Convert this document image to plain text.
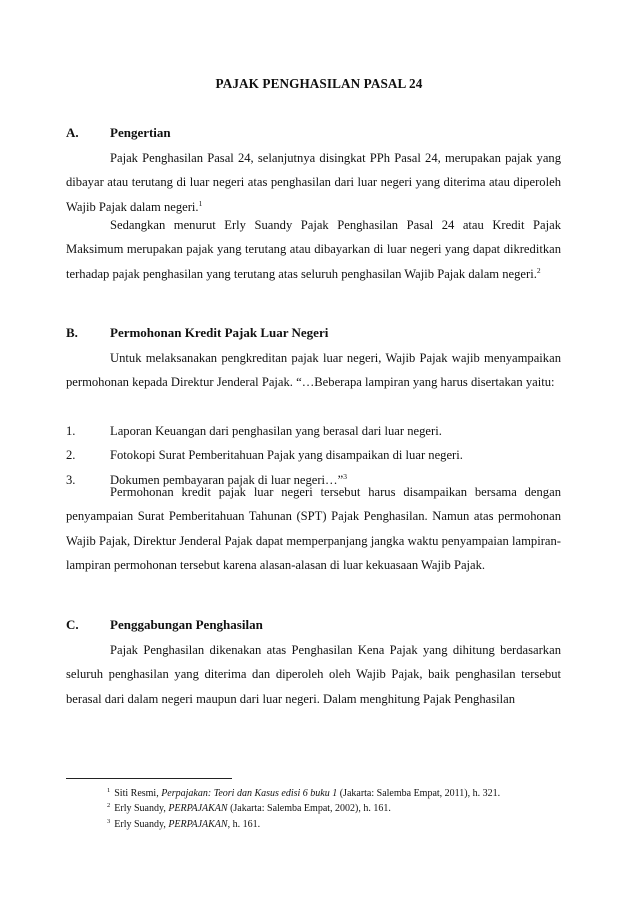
PAJAK PENGHASILAN PASAL 24
A. Pengertian

Pajak Penghasilan Pasal 24, selanjutnya disingkat PPh Pasal 24, merupakan pajak yang dibayar atau terutang di luar negeri atas penghasilan dari luar negeri yang diterima atau diperoleh Wajib Pajak dalam negeri.$^1$

Sedangkan menurut Erly Suandy Pajak Penghasilan Pasal 24 atau Kredit Pajak Maksimum merupakan pajak yang terutang atau dibayarkan di luar negeri yang dapat dikreditkan terhadap pajak penghasilan yang terutang atas seluruh penghasilan Wajib Pajak dalam negeri.$^2$

B. Permohonan Kredit Pajak Luar Negeri

Untuk melaksanakan pengkreditan pajak luar negeri, Wajib Pajak wajib menyampaikan permohonan kepada Direktur Jenderal Pajak. “…Beberapa lampiran yang harus disertakan yaitu:

1.	Laporan Keuangan dari penghasilan yang berasal dari luar negeri.
2.	Fotokopi Surat Pemberitahuan Pajak yang disampaikan di luar negeri.
3.	Dokumen pembayaran pajak di luar negeri…”$^3$

Permohonan kredit pajak luar negeri tersebut harus disampaikan bersama dengan penyampaian Surat Pemberitahuan Tahunan (SPT) Pajak Penghasilan. Namun atas permohonan Wajib Pajak, Direktur Jenderal Pajak dapat memperpanjang jangka waktu penyampaian lampiran-lampiran permohonan tersebut karena alasan-alasan di luar kekuasaan Wajib Pajak.

C. Penggabungan Penghasilan

Pajak Penghasilan dikenakan atas Penghasilan Kena Pajak yang dihitung berdasarkan seluruh penghasilan yang diterima dan diperoleh oleh Wajib Pajak, baik penghasilan tersebut berasal dari dalam negeri maupun dari luar negeri. Dalam menghitung Pajak Penghasilan

$^1$ Siti Resmi, Perpajakan: Teori dan Kasus edisi 6 buku 1 (Jakarta: Salemba Empat, 2011), h. 321.
$^2$ Erly Suandy, PERPAJAKAN (Jakarta: Salemba Empat, 2002), h. 161.
$^3$ Erly Suandy, PERPAJAKAN, h. 161.
